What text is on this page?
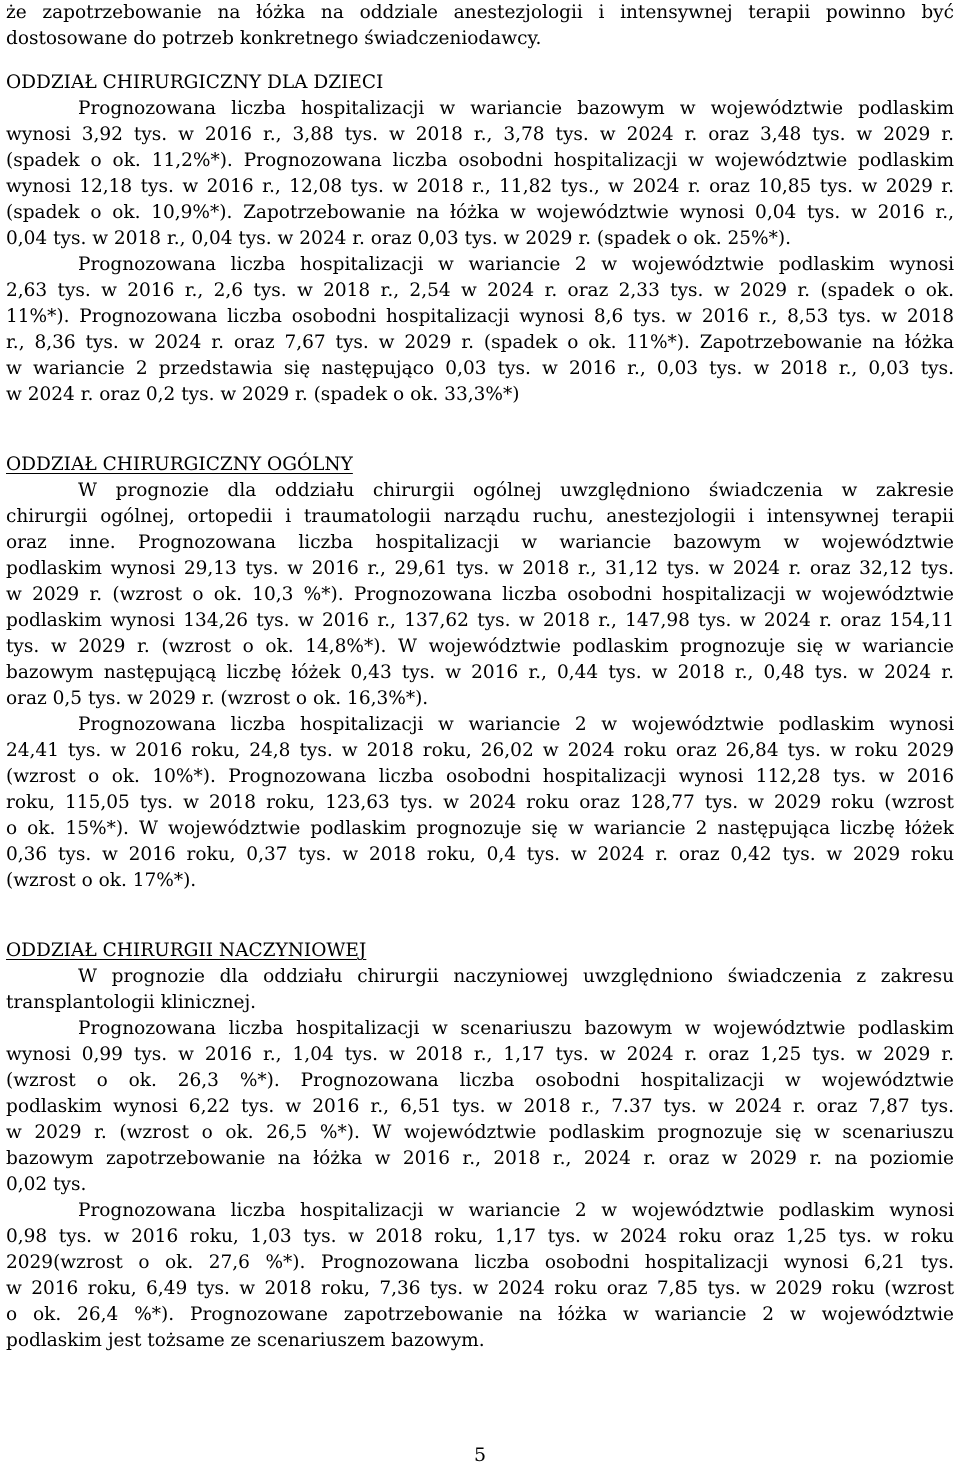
że zapotrzebowanie na łóżka na oddziale anestezjologii i intensywnej terapii powinno być
dostosowane do potrzeb konkretnego świadczeniodawcy.
ODDZIAŁ CHIRURGICZNY DLA DZIECI
Prognozowana liczba hospitalizacji w wariancie bazowym w województwie podlaskim
wynosi 3,92 tys. w 2016 r., 3,88 tys. w 2018 r., 3,78 tys. w 2024 r. oraz 3,48 tys. w 2029 r.
(spadek o ok. 11,2%*). Prognozowana liczba osobodni hospitalizacji w województwie podlaskim
wynosi 12,18 tys. w 2016 r., 12,08 tys. w 2018 r., 11,82 tys., w 2024 r. oraz 10,85 tys. w 2029 r.
(spadek o ok. 10,9%*). Zapotrzebowanie na łóżka w województwie wynosi 0,04 tys. w 2016 r.,
0,04 tys. w 2018 r., 0,04 tys. w 2024 r. oraz 0,03 tys. w 2029 r. (spadek o ok. 25%*).
Prognozowana liczba hospitalizacji w wariancie 2 w województwie podlaskim wynosi
2,63 tys. w 2016 r., 2,6 tys. w 2018 r., 2,54 w 2024 r. oraz 2,33 tys. w 2029 r. (spadek o ok.
11%*). Prognozowana liczba osobodni hospitalizacji wynosi 8,6 tys. w 2016 r., 8,53 tys. w 2018
r., 8,36 tys. w 2024 r. oraz 7,67 tys. w 2029 r. (spadek o ok. 11%*). Zapotrzebowanie na łóżka
w wariancie 2 przedstawia się następująco 0,03 tys. w 2016 r., 0,03 tys. w 2018 r., 0,03 tys.
w 2024 r. oraz 0,2 tys. w 2029 r. (spadek o ok. 33,3%*)
ODDZIAŁ CHIRURGICZNY OGÓLNY
W prognozie dla oddziału chirurgii ogólnej uwzględniono świadczenia w zakresie
chirurgii ogólnej, ortopedii i traumatologii narządu ruchu, anestezjologii i intensywnej terapii
oraz inne. Prognozowana liczba hospitalizacji w wariancie bazowym w województwie
podlaskim wynosi 29,13 tys. w 2016 r., 29,61 tys. w 2018 r., 31,12 tys. w 2024 r. oraz 32,12 tys.
w 2029 r. (wzrost o ok. 10,3 %*). Prognozowana liczba osobodni hospitalizacji w województwie
podlaskim wynosi 134,26 tys. w 2016 r., 137,62 tys. w 2018 r., 147,98 tys. w 2024 r. oraz 154,11
tys. w 2029 r. (wzrost o ok. 14,8%*). W województwie podlaskim prognozuje się w wariancie
bazowym następującą liczbę łóżek 0,43 tys. w 2016 r., 0,44 tys. w 2018 r., 0,48 tys. w 2024 r.
oraz 0,5 tys. w 2029 r. (wzrost o ok. 16,3%*).
Prognozowana liczba hospitalizacji w wariancie 2 w województwie podlaskim wynosi
24,41 tys. w 2016 roku, 24,8 tys. w 2018 roku, 26,02 w 2024 roku oraz 26,84 tys. w roku 2029
(wzrost o ok. 10%*). Prognozowana liczba osobodni hospitalizacji wynosi 112,28 tys. w 2016
roku, 115,05 tys. w 2018 roku, 123,63 tys. w 2024 roku oraz 128,77 tys. w 2029 roku (wzrost
o ok. 15%*). W województwie podlaskim prognozuje się w wariancie 2 następująca liczbę łóżek
0,36 tys. w 2016 roku, 0,37 tys. w 2018 roku, 0,4 tys. w 2024 r. oraz 0,42 tys. w 2029 roku
(wzrost o ok. 17%*).
ODDZIAŁ CHIRURGII NACZYNIOWEJ
W prognozie dla oddziału chirurgii naczyniowej uwzględniono świadczenia z zakresu
transplantologii klinicznej.
Prognozowana liczba hospitalizacji w scenariuszu bazowym w województwie podlaskim
wynosi 0,99 tys. w 2016 r., 1,04 tys. w 2018 r., 1,17 tys. w 2024 r. oraz 1,25 tys. w 2029 r.
(wzrost o ok. 26,3 %*). Prognozowana liczba osobodni hospitalizacji w województwie
podlaskim wynosi 6,22 tys. w 2016 r., 6,51 tys. w 2018 r., 7.37 tys. w 2024 r. oraz 7,87 tys.
w 2029 r. (wzrost o ok. 26,5 %*). W województwie podlaskim prognozuje się w scenariuszu
bazowym zapotrzebowanie na łóżka w 2016 r., 2018 r., 2024 r. oraz w 2029 r. na poziomie
0,02 tys.
Prognozowana liczba hospitalizacji w wariancie 2 w województwie podlaskim wynosi
0,98 tys. w 2016 roku, 1,03 tys. w 2018 roku, 1,17 tys. w 2024 roku oraz 1,25 tys. w roku
2029(wzrost o ok. 27,6 %*). Prognozowana liczba osobodni hospitalizacji wynosi 6,21 tys.
w 2016 roku, 6,49 tys. w 2018 roku, 7,36 tys. w 2024 roku oraz 7,85 tys. w 2029 roku (wzrost
o ok. 26,4 %*). Prognozowane zapotrzebowanie na łóżka w wariancie 2 w województwie
podlaskim jest tożsame ze scenariuszem bazowym.
5
